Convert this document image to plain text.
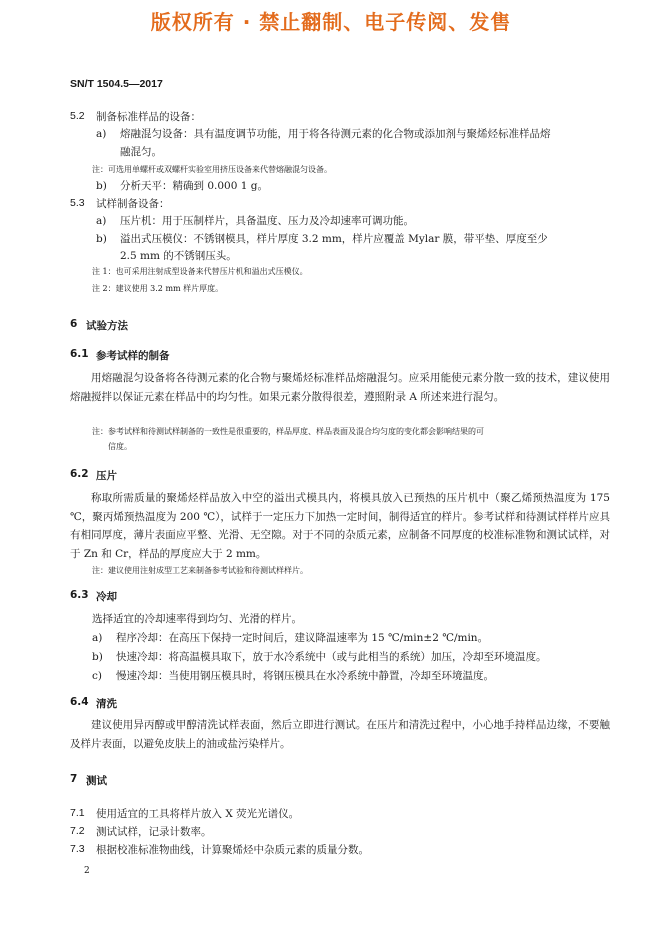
版权所有 · 禁止翻制、电子传阅、发售
SN/T 1504.5—2017
5.2 制备标准样品的设备：
a) 熔融混匀设备：具有温度调节功能，用于将各待测元素的化合物或添加剂与聚烯烃标准样品熔
融混匀。
注：可选用单螺杆或双螺杆实验室用挤压设备来代替熔融混匀设备。
b) 分析天平：精确到 0.000 1 g。
5.3 试样制备设备：
a) 压片机：用于压制样片，具备温度、压力及冷却速率可调功能。
b) 溢出式压模仪：不锈钢模具，样片厚度 3.2 mm，样片应覆盖 Mylar 膜，带平垫、厚度至少
2.5 mm 的不锈钢压头。
注 1：也可采用注射成型设备来代替压片机和溢出式压模仪。
注 2：建议使用 3.2 mm 样片厚度。
6 试验方法
6.1 参考试样的制备
用熔融混匀设备将各待测元素的化合物与聚烯烃标准样品熔融混匀。应采用能使元素分散一致的技术，建议使用熔融搅拌以保证元素在样品中的均匀性。如果元素分散得很差，遵照附录 A 所述来进行混匀。
注：参考试样和待测试样制备的一致性是很重要的，样品厚度、样品表面及混合均匀度的变化都会影响结果的可
信度。
6.2 压片
称取所需质量的聚烯烃样品放入中空的溢出式模具内，将模具放入已预热的压片机中（聚乙烯预热温度为 175 ℃，聚丙烯预热温度为 200 ℃），试样于一定压力下加热一定时间，制得适宜的样片。参考试样和待测试样样片应具有相同厚度，薄片表面应平整、光滑、无空隙。对于不同的杂质元素，应制备不同厚度的校准标准物和测试试样，对于 Zn 和 Cr，样品的厚度应大于 2 mm。
注：建议使用注射成型工艺来制备参考试验和待测试样样片。
6.3 冷却
选择适宜的冷却速率得到均匀、光滑的样片。
a) 程序冷却：在高压下保持一定时间后，建议降温速率为 15 ℃/min±2 ℃/min。
b) 快速冷却：将高温模具取下，放于水冷系统中（或与此相当的系统）加压，冷却至环境温度。
c) 慢速冷却：当使用钢压模具时，将钢压模具在水冷系统中静置，冷却至环境温度。
6.4 清洗
建议使用异丙醇或甲醇清洗试样表面，然后立即进行测试。在压片和清洗过程中，小心地手持样品边缘，不要触及样片表面，以避免皮肤上的油或盐污染样片。
7 测试
7.1 使用适宜的工具将样片放入 X 荧光光谱仪。
7.2 测试试样，记录计数率。
7.3 根据校准标准物曲线，计算聚烯烃中杂质元素的质量分数。
2
